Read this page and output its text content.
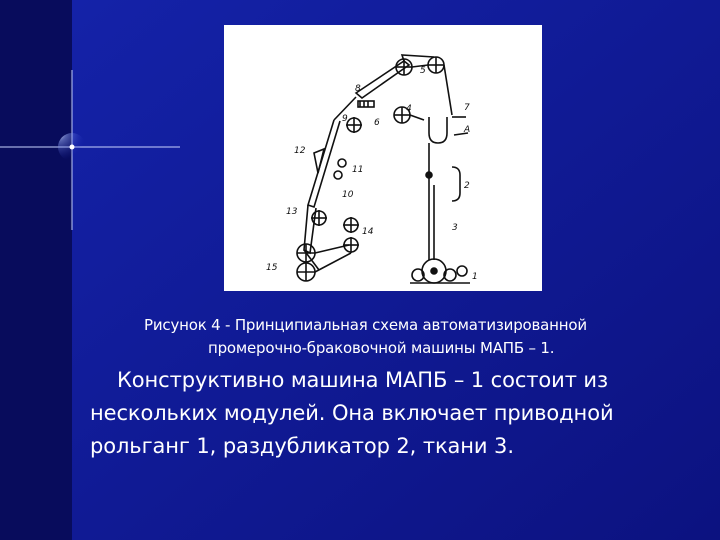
8
5
4	7
A
6
9
12
11
10
13
14
15
2
3
1
Рисунок 4 - Принципиальная схема автоматизированной
промерочно-браковочной машины МАПБ – 1.
Конструктивно машина МАПБ – 1 состоит из
нескольких модулей. Она включает приводной
рольганг 1, раздубликатор 2, ткани 3.
